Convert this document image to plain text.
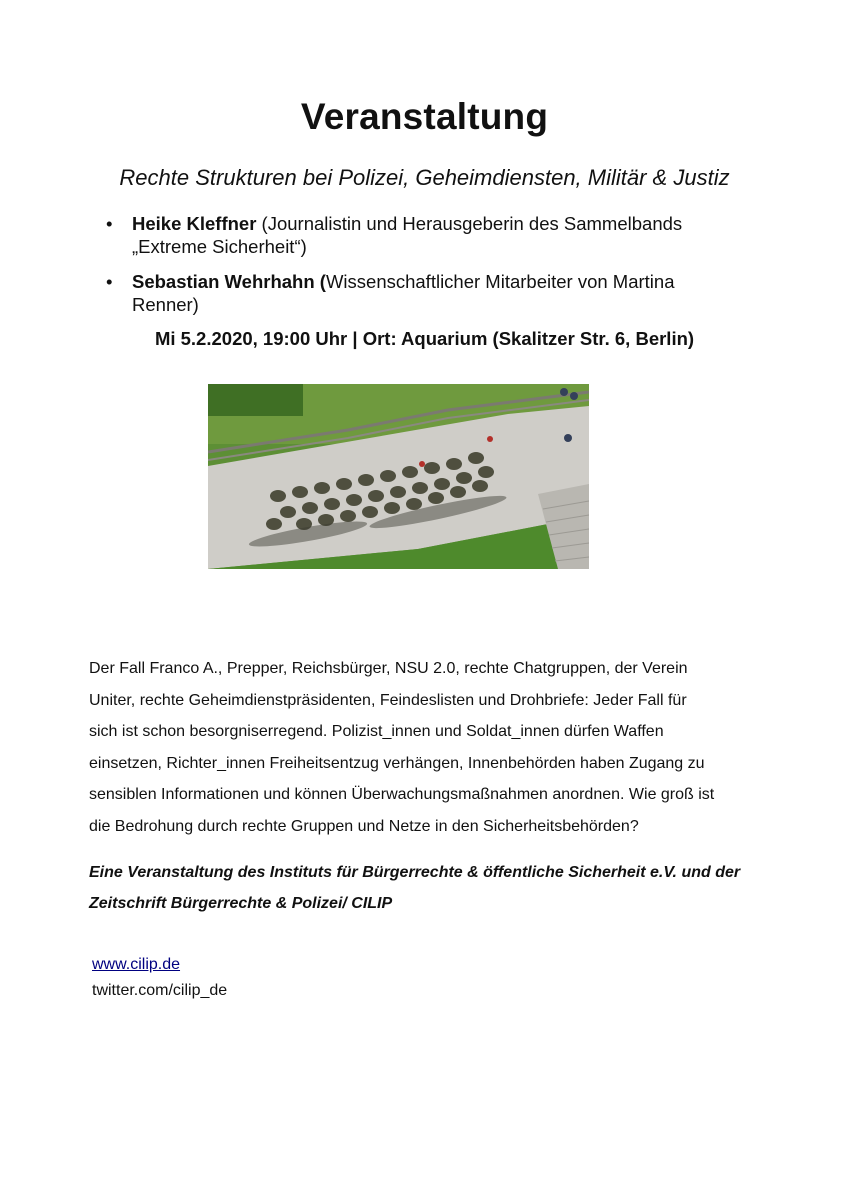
Veranstaltung
Rechte Strukturen bei Polizei, Geheimdiensten, Militär & Justiz
• Heike Kleffner (Journalistin und Herausgeberin des Sammelbands
„Extreme Sicherheit“)
• Sebastian Wehrhahn (Wissenschaftlicher Mitarbeiter von Martina
Renner)
Mi 5.2.2020, 19:00 Uhr | Ort: Aquarium (Skalitzer Str. 6, Berlin)
Der Fall Franco A., Prepper, Reichsbürger, NSU 2.0, rechte Chatgruppen, der Verein
Uniter, rechte Geheimdienstpräsidenten, Feindeslisten und Drohbriefe: Jeder Fall für
sich ist schon besorgniserregend. Polizist_innen und Soldat_innen dürfen Waffen
einsetzen, Richter_innen Freiheitsentzug verhängen, Innenbehörden haben Zugang zu
sensiblen Informationen und können Überwachungsmaßnahmen anordnen. Wie groß ist
die Bedrohung durch rechte Gruppen und Netze in den Sicherheitsbehörden?
Eine Veranstaltung des Instituts für Bürgerrechte & öffentliche Sicherheit e.V. und der
Zeitschrift Bürgerrechte & Polizei/ CILIP
www.cilip.de
twitter.com/cilip_de
